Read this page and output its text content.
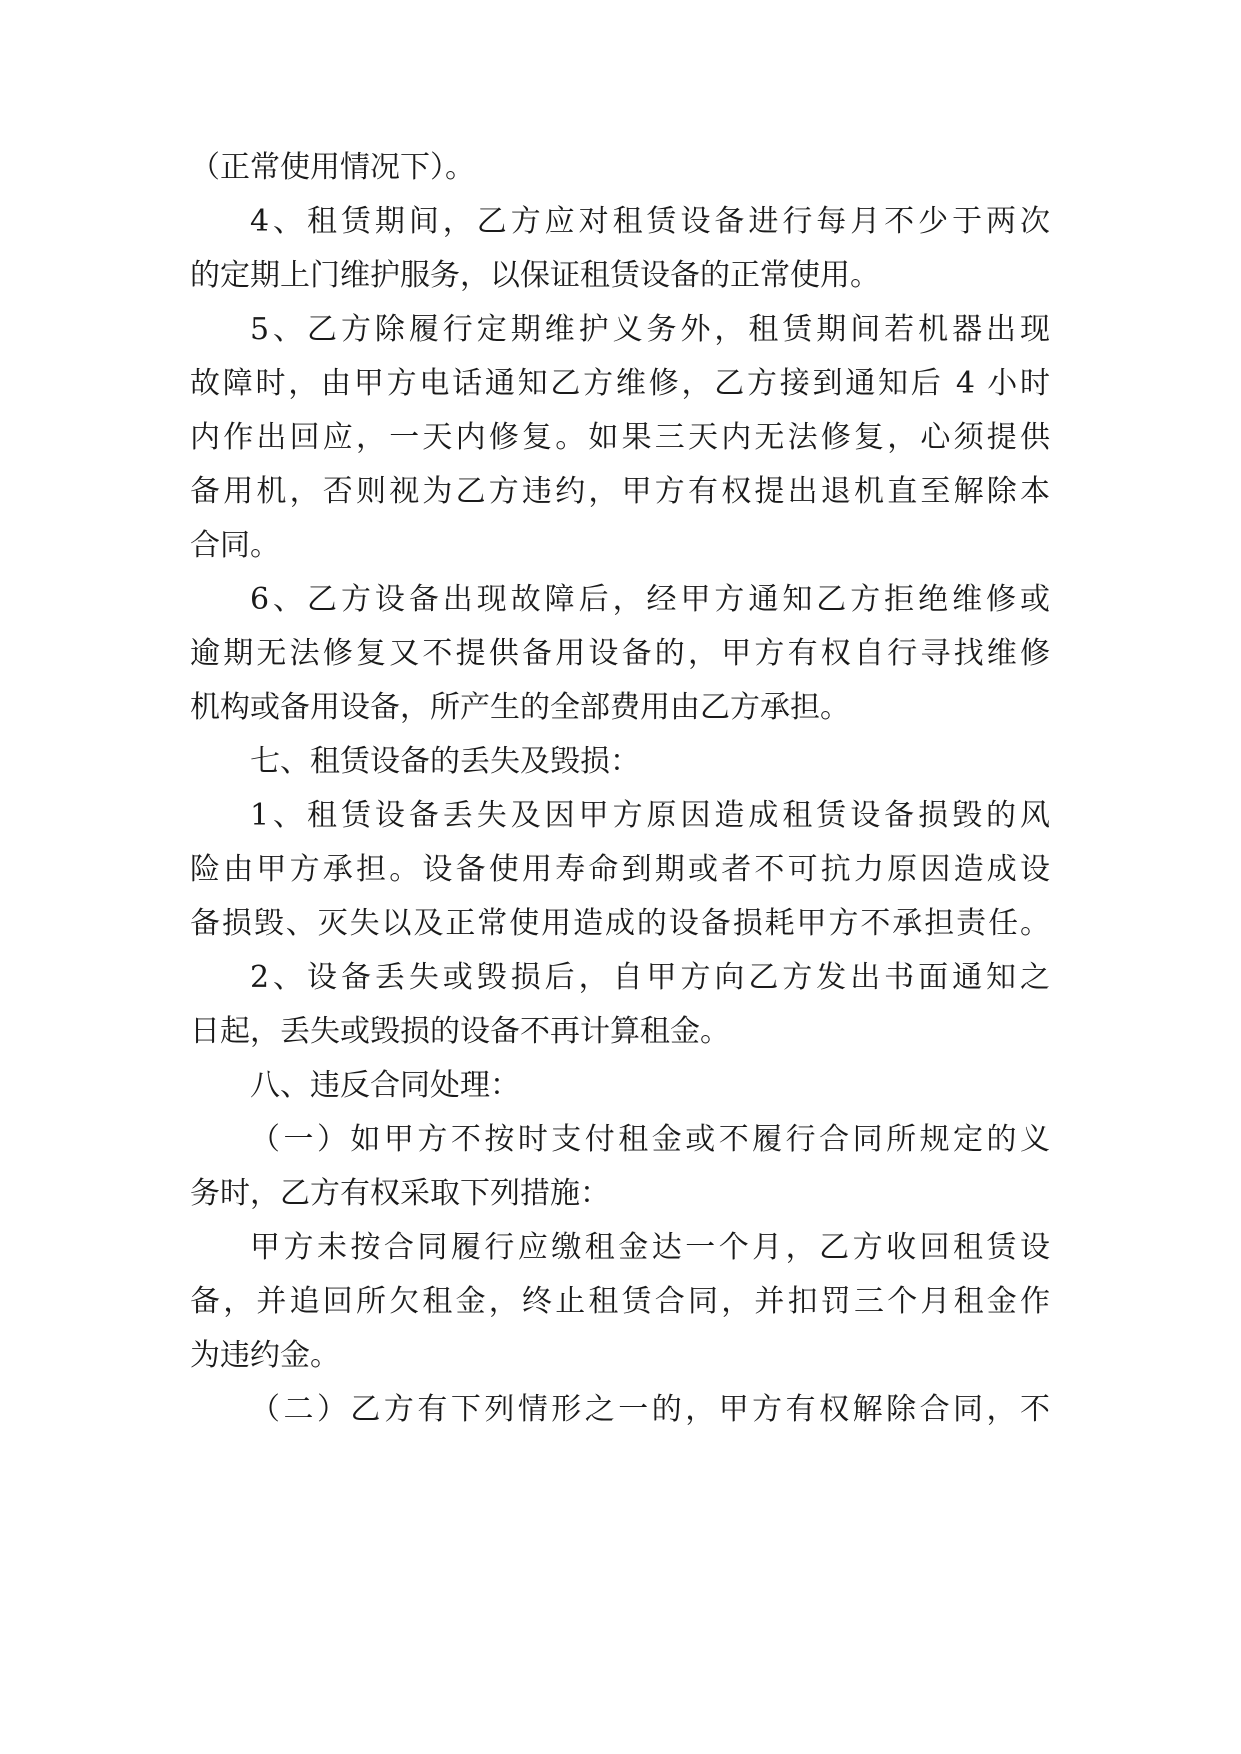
（正常使用情况下）。
4、租赁期间，乙方应对租赁设备进行每月不少于两次
的定期上门维护服务，以保证租赁设备的正常使用。
5、乙方除履行定期维护义务外，租赁期间若机器出现
故障时，由甲方电话通知乙方维修，乙方接到通知后 4 小时
内作出回应，一天内修复。如果三天内无法修复，心须提供
备用机，否则视为乙方违约，甲方有权提出退机直至解除本
合同。
6、乙方设备出现故障后，经甲方通知乙方拒绝维修或
逾期无法修复又不提供备用设备的，甲方有权自行寻找维修
机构或备用设备，所产生的全部费用由乙方承担。
七、租赁设备的丢失及毁损：
1、租赁设备丢失及因甲方原因造成租赁设备损毁的风
险由甲方承担。设备使用寿命到期或者不可抗力原因造成设
备损毁、灭失以及正常使用造成的设备损耗甲方不承担责任。
2、设备丢失或毁损后，自甲方向乙方发出书面通知之
日起，丢失或毁损的设备不再计算租金。
八、违反合同处理：
（一）如甲方不按时支付租金或不履行合同所规定的义
务时，乙方有权采取下列措施：
甲方未按合同履行应缴租金达一个月，乙方收回租赁设
备，并追回所欠租金，终止租赁合同，并扣罚三个月租金作
为违约金。
（二）乙方有下列情形之一的，甲方有权解除合同，不
